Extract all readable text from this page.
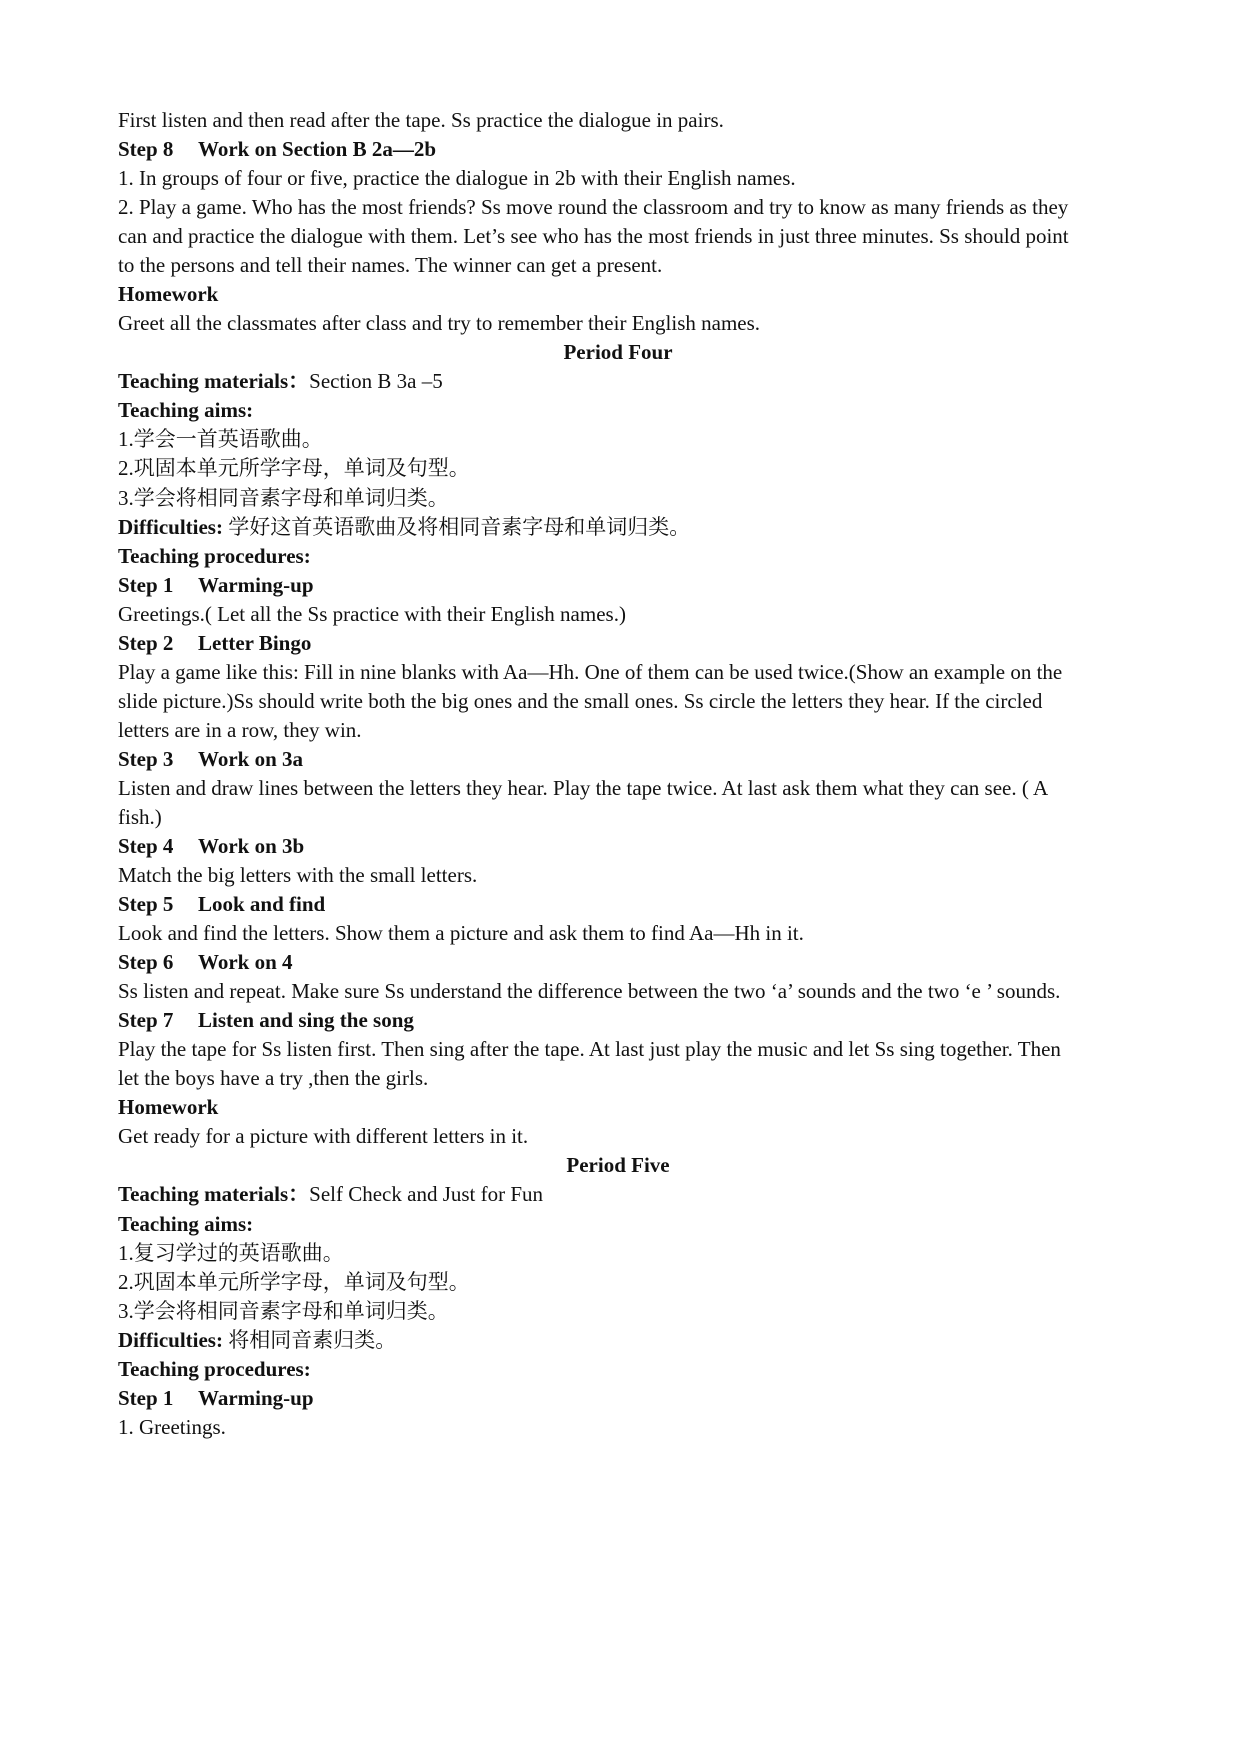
First listen and then read after the tape. Ss practice the dialogue in pairs.
Step 8 Work on Section B 2a—2b
1. In groups of four or five, practice the dialogue in 2b with their English names.
2. Play a game. Who has the most friends? Ss move round the classroom and try to know as many friends as they
can and practice the dialogue with them. Let’s see who has the most friends in just three minutes. Ss should point
to the persons and tell their names. The winner can get a present.
Homework
Greet all the classmates after class and try to remember their English names.
Period Four
Teaching materials：Section B 3a –5
Teaching aims:
1.学会一首英语歌曲。
2.巩固本单元所学字母，单词及句型。
3.学会将相同音素字母和单词归类。
Difficulties: 学好这首英语歌曲及将相同音素字母和单词归类。
Teaching procedures:
Step 1 Warming-up
Greetings.( Let all the Ss practice with their English names.)
Step 2 Letter Bingo
Play a game like this: Fill in nine blanks with Aa—Hh. One of them can be used twice.(Show an example on the
slide picture.)Ss should write both the big ones and the small ones. Ss circle the letters they hear. If the circled
letters are in a row, they win.
Step 3 Work on 3a
Listen and draw lines between the letters they hear. Play the tape twice. At last ask them what they can see. ( A
fish.)
Step 4 Work on 3b
Match the big letters with the small letters.
Step 5 Look and find
Look and find the letters. Show them a picture and ask them to find Aa—Hh in it.
Step 6 Work on 4
Ss listen and repeat. Make sure Ss understand the difference between the two ‘a’ sounds and the two ‘e ’ sounds.
Step 7 Listen and sing the song
Play the tape for Ss listen first. Then sing after the tape. At last just play the music and let Ss sing together. Then
let the boys have a try ,then the girls.
Homework
Get ready for a picture with different letters in it.
Period Five
Teaching materials：Self Check and Just for Fun
Teaching aims:
1.复习学过的英语歌曲。
2.巩固本单元所学字母，单词及句型。
3.学会将相同音素字母和单词归类。
Difficulties: 将相同音素归类。
Teaching procedures:
Step 1 Warming-up
1. Greetings.
